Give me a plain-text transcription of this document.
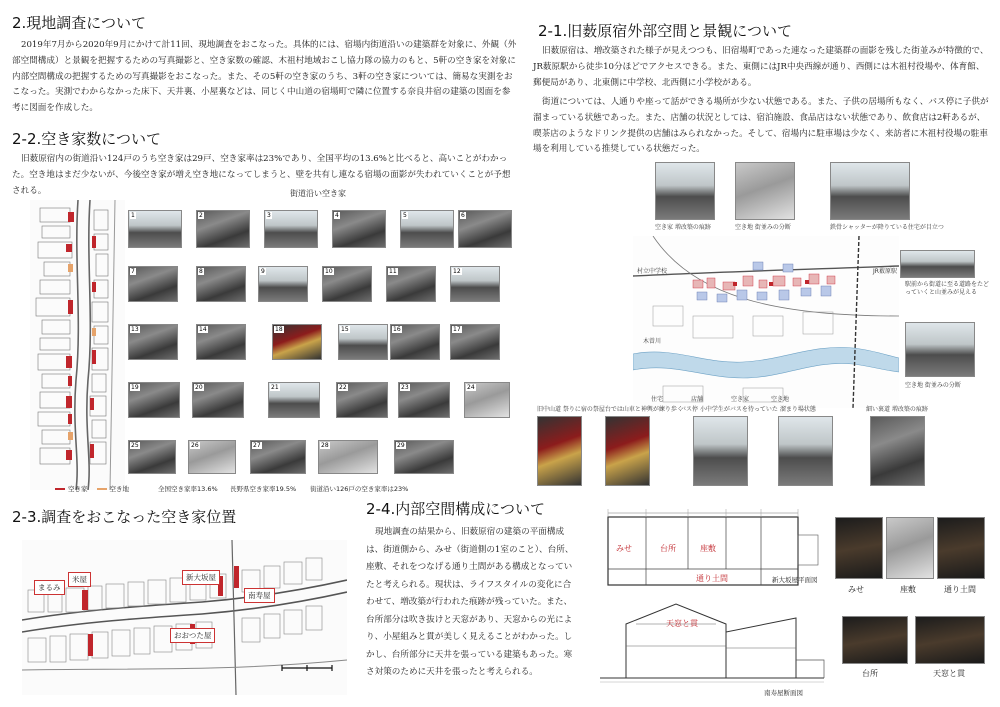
2.現地調査について
2019年7月から2020年9月にかけて計11回、現地調査をおこなった。具体的には、宿場内街道沿いの建築群を対象に、外観（外部空間構成）と景観を把握するための写真撮影と、空き家数の確認、木祖村地域おこし協力隊の協力のもと、5軒の空き家を対象に内部空間構成の把握するための写真撮影をおこなった。また、その5軒の空き家のうち、3軒の空き家については、簡易な実測をおこなった。実測でわからなかった床下、天井裏、小屋裏などは、同じく中山道の宿場町で隣に位置する奈良井宿の建築の図面を参考に図面を作成した。
2-2.空き家数について
旧薮原宿内の街道沿い124戸のうち空き家は29戸、空き家率は23%であり、全国平均の13.6%と比べると、高いことがわかった。空き地はまだ少ないが、今後空き家が増え空き地になってしまうと、壁を共有し連なる宿場の面影が失われていくことが予想される。
空き家	空き地
街道沿い空き家
1	2	3	4	5	6
7	8	9	10	11	12
13	14	15	16	17
18
19	20	21	22	23	24
25	26	27	28	29
全国空き家率13.6% 長野県空き家率19.5% 街道沿い126戸の空き家率は23%
2-3.調査をおこなった空き家位置
まるみ
米屋	新大坂屋
南寿屋
おおつた屋
2-1.旧薮原宿外部空間と景観について
旧薮原宿は、増改築された様子が見えつつも、旧宿場町であった連なった建築群の面影を残した街並みが特徴的で、JR薮原駅から徒歩10分ほどでアクセスできる。また、東側にはJR中央西線が通り、西側には木祖村役場や、体育館、郵便局があり、北東側に中学校、北西側に小学校がある。
街道については、人通りや座って話ができる場所が少ない状態である。また、子供の居場所もなく、バス停に子供が溜まっている状態であった。また、店舗の状況としては、宿泊施設、食品店はない状態であり、飲食店は2軒あるが、喫茶店のようなドリンク提供の店舗はみられなかった。そして、宿場内に駐車場は少なく、来訪者に木祖村役場の駐車場を利用している推奨している状態だった。
空き家 増改築の痕跡	空き地 街並みの分断	鉄骨シャッターが降りている住宅が目立つ
村立中学校
木曽川
住宅	店舗	空き家	空き地
JR薮原駅
駅前から街道に至る道路をたどっていくと山並みが見える
空き地 街並みの分断
旧中山道 祭りに宿の祭屋台では山車と神輿が練り歩く
バス停 小中学生がバスを待っていた 溜まり場状態	細い裏道 増改築の痕跡
2-4.内部空間構成について
現地調査の結果から、旧薮原宿の建築の平面構成は、街道側から、みせ（街道側の1室のこと）、台所、座敷、それをつなげる通り土間がある構成となっていたと考えられる。現状は、ライフスタイルの変化に合わせて、増改築が行われた痕跡が残っていた。また、台所部分は吹き抜けと天窓があり、天窓からの光により、小屋組みと貫が美しく見えることがわかった。しかし、台所部分に天井を張っている建築もあった。寒さ対策のために天井を張ったと考えられる。
みせ	台所	座敷
通り土間	新大坂屋平面図
天窓と貫
南寿屋断面図
みせ	座敷	通り土間
台所	天窓と貫
